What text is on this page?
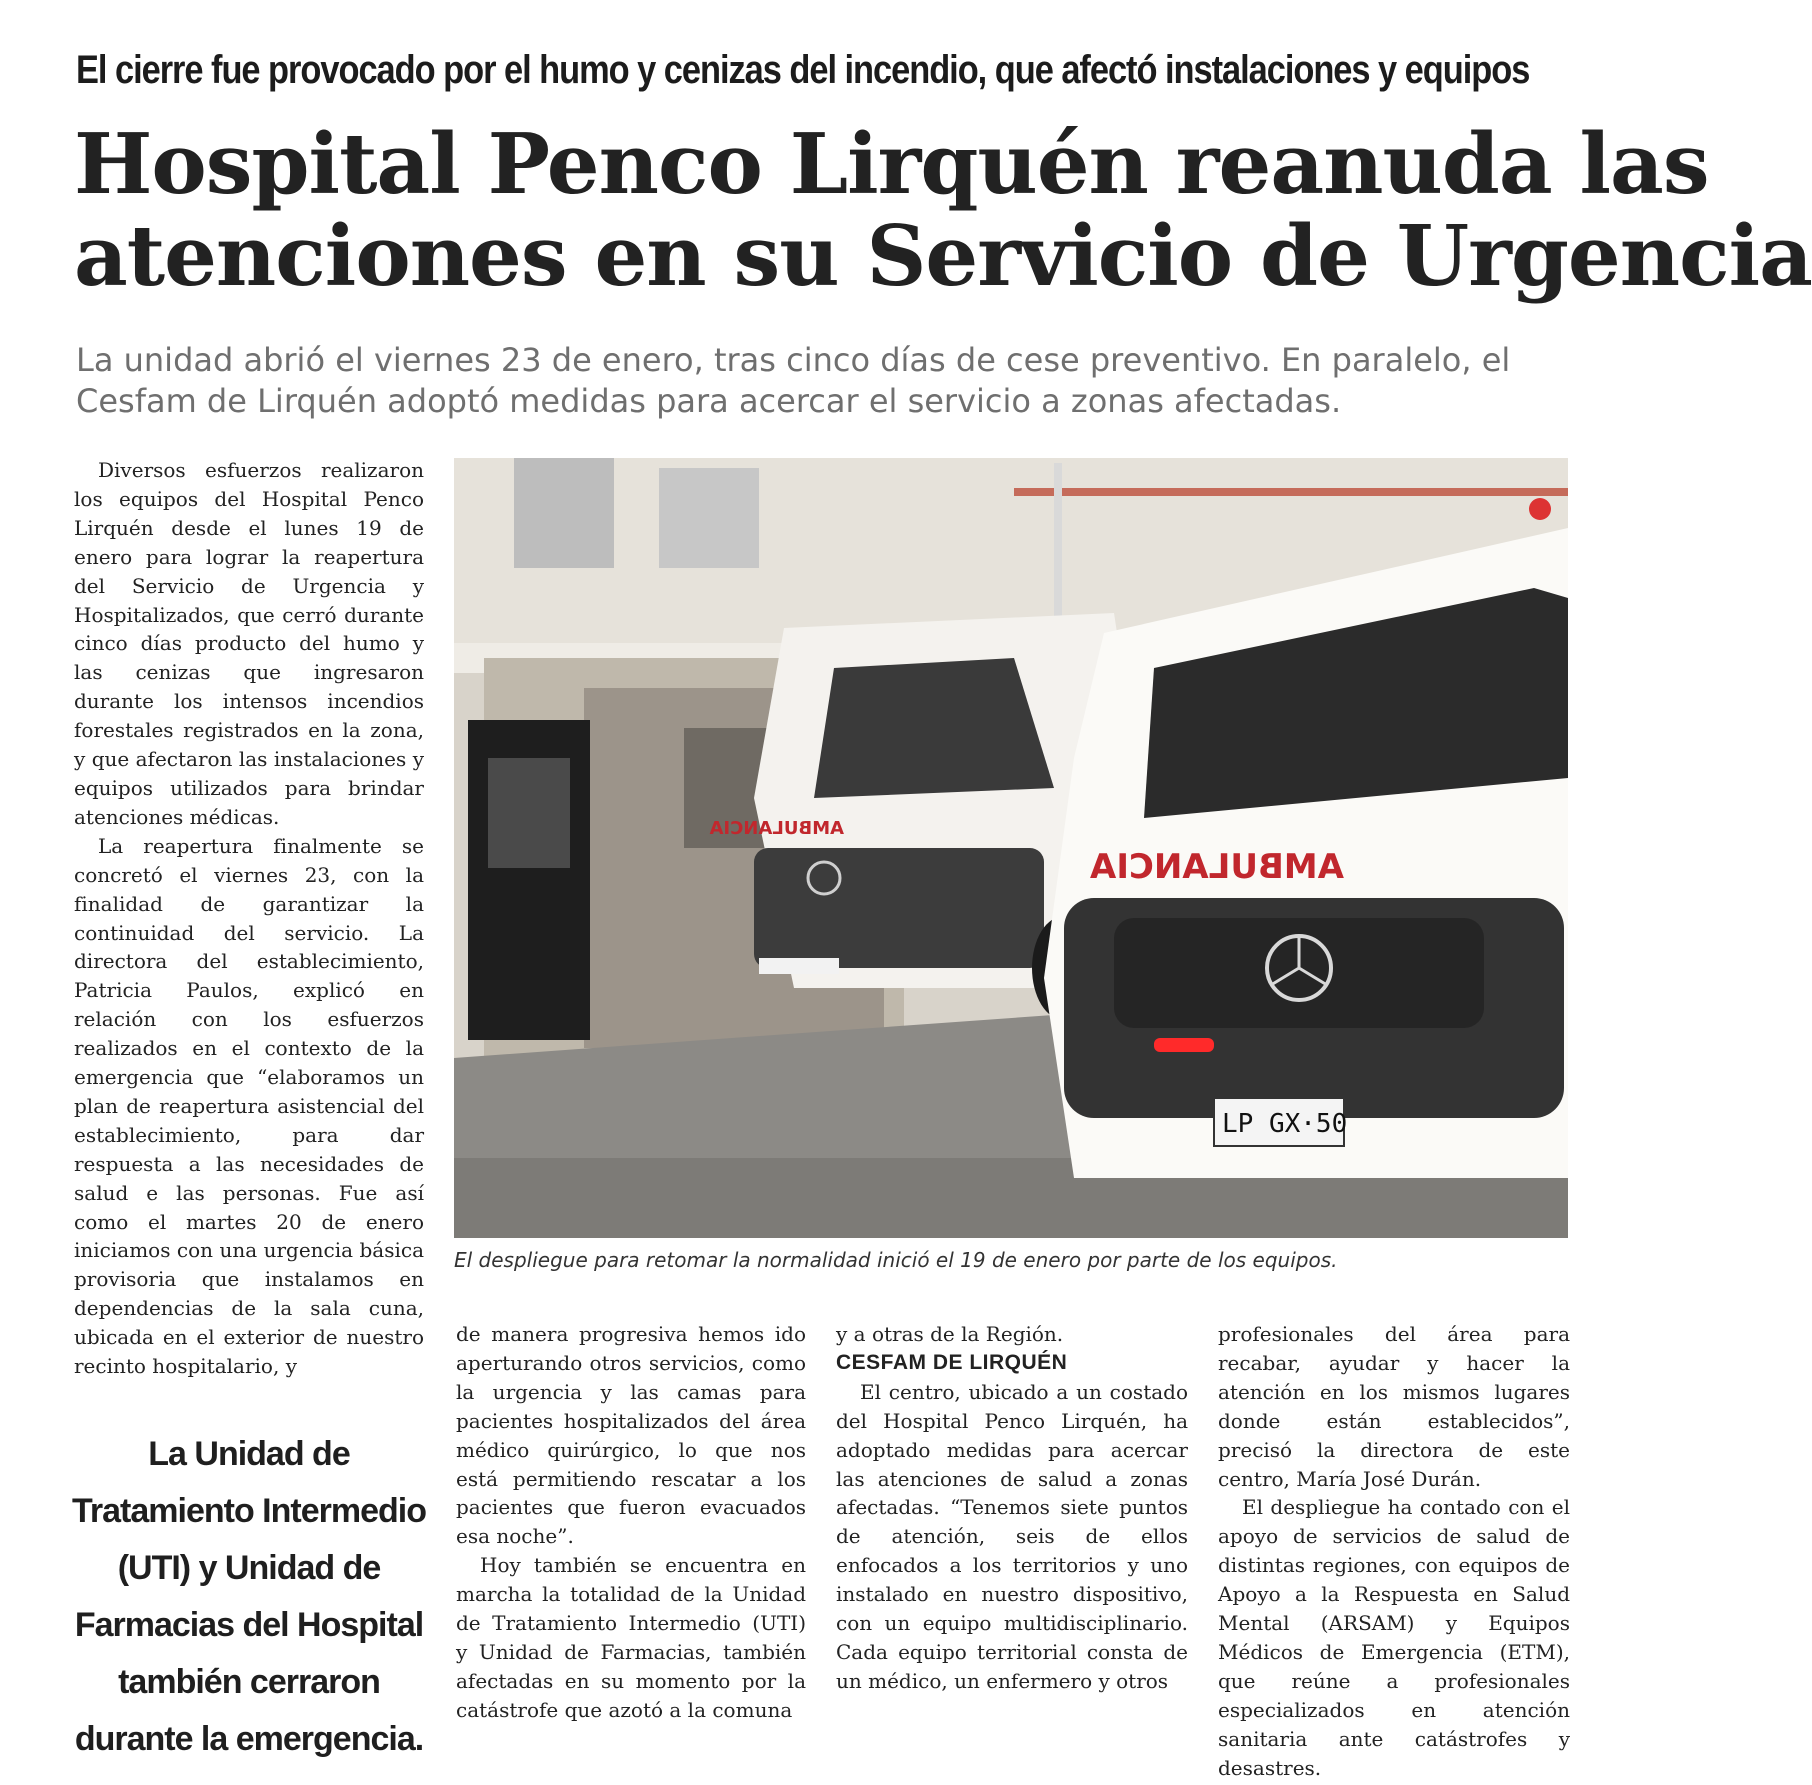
El cierre fue provocado por el humo y cenizas del incendio, que afectó instalaciones y equipos
Hospital Penco Lirquén reanuda las
atenciones en su Servicio de Urgencia
La unidad abrió el viernes 23 de enero, tras cinco días de cese preventivo. En paralelo, el
Cesfam de Lirquén adoptó medidas para acercar el servicio a zonas afectadas.

Diversos esfuerzos realizaron los equipos del Hospital Penco Lirquén desde el lunes 19 de enero para lograr la reapertura del Servicio de Urgencia y Hospitalizados, que cerró durante cinco días producto del humo y las cenizas que ingresaron durante los intensos incendios forestales registrados en la zona, y que afectaron las instalaciones y equipos utilizados para brindar atenciones médicas.

La reapertura finalmente se concretó el viernes 23, con la finalidad de garantizar la continuidad del servicio. La directora del establecimiento, Patricia Paulos, explicó en relación con los esfuerzos realizados en el contexto de la emergencia que “elaboramos un plan de reapertura asistencial del establecimiento, para dar respuesta a las necesidades de salud e las personas. Fue así como el martes 20 de enero iniciamos con una urgencia básica provisoria que instalamos en dependencias de la sala cuna, ubicada en el exterior de nuestro recinto hospitalario, y

La Unidad de Tratamiento Intermedio (UTI) y Unidad de Farmacias del Hospital también cerraron durante la emergencia.
AMBULANCIA
LP GX·50
AMBULANCIA
El despliegue para retomar la normalidad inició el 19 de enero por parte de los equipos.

de manera progresiva hemos ido aperturando otros servicios, como la urgencia y las camas para pacientes hospitalizados del área médico quirúrgico, lo que nos está permitiendo rescatar a los pacientes que fueron evacuados esa noche”.

Hoy también se encuentra en marcha la totalidad de la Unidad de Tratamiento Intermedio (UTI) y Unidad de Farmacias, también afectadas en su momento por la catástrofe que azotó a la comuna

y a otras de la Región.

CESFAM DE LIRQUÉN

El centro, ubicado a un costado del Hospital Penco Lirquén, ha adoptado medidas para acercar las atenciones de salud a zonas afectadas. “Tenemos siete puntos de atención, seis de ellos enfocados a los territorios y uno instalado en nuestro dispositivo, con un equipo multidisciplinario. Cada equipo territorial consta de un médico, un enfermero y otros

profesionales del área para recabar, ayudar y hacer la atención en los mismos lugares donde están establecidos”, precisó la directora de este centro, María José Durán.

El despliegue ha contado con el apoyo de servicios de salud de distintas regiones, con equipos de Apoyo a la Respuesta en Salud Mental (ARSAM) y Equipos Médicos de Emergencia (ETM), que reúne a profesionales especializados en atención sanitaria ante catástrofes y desastres.
